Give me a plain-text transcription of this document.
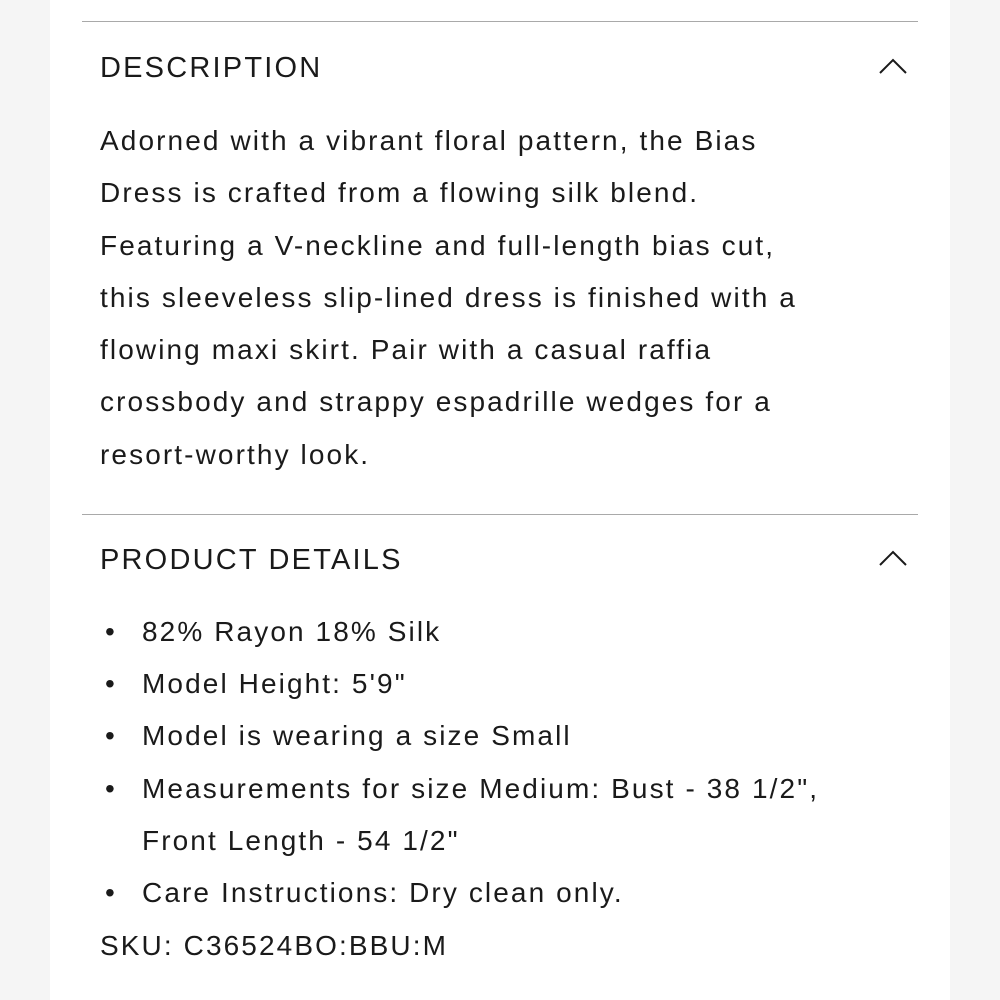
DESCRIPTION

Adorned with a vibrant floral pattern, the Bias
Dress is crafted from a flowing silk blend.
Featuring a V-neckline and full-length bias cut,
this sleeveless slip-lined dress is finished with a
flowing maxi skirt. Pair with a casual raffia
crossbody and strappy espadrille wedges for a
resort-worthy look.

PRODUCT DETAILS
• 82% Rayon 18% Silk
• Model Height: 5'9"
• Model is wearing a size Small
• Measurements for size Medium: Bust - 38 1/2",
Front Length - 54 1/2"
• Care Instructions: Dry clean only.
SKU: C36524BO:BBU:M
